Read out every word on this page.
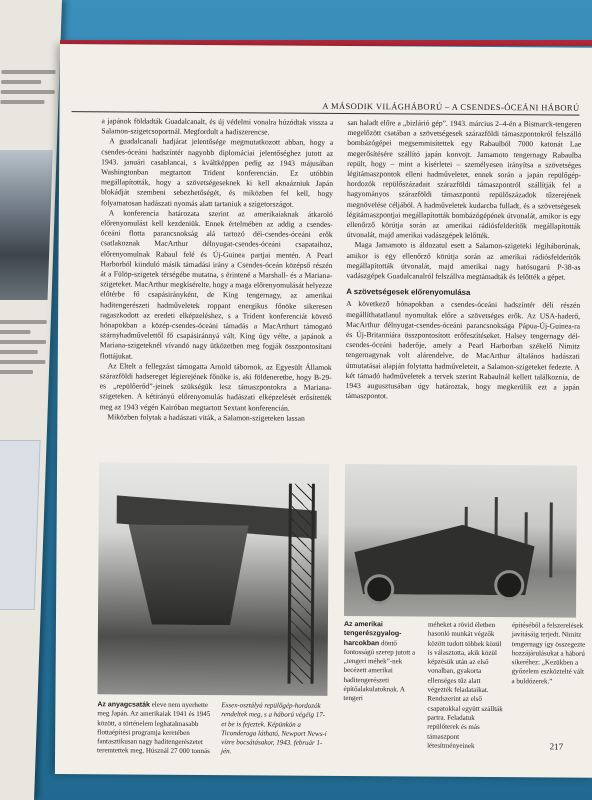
A MÁSODIK VILÁGHÁBORÚ – A CSENDES-ÓCEÁNI HÁBORÚ

a japánok földadták Guadalcanalt, és új védelmi vonalra húzódtak vissza a Salamon-szigetcsoportnál. Megfordult a hadiszerencse.

A guadalcanali hadjárat jelentősége megmutatkozott abban, hogy a csendes-óceáni hadszíntér nagyobb diplomáciai jelentőséghez jutott az 1943. januári casablancai, s kváltképpen pedig az 1943 májusában Washingtonban megtartott Trident konferencián. Ez utóbbin megállapították, hogy a szövetségeseknek ki kell aknaázniuk Japán blokádját szembeni sebezhetőségét, és miközben fel kell, hogy folyamatosan hadászati nyomás alatt tartaniuk a szigetországot.

A konferencia határozata szerint az amerikaiaknak átkaroló előrenyomulást kell kezdeniük. Ennek értelmében az addig a csendes-óceáni flotta parancsnokság alá tartozó déi-csendes-óceáni erők csatlakoznak MacArthur délnyugat-csendes-óceáni csapataihoz, előrenyomulnak Rabaul felé és Új-Guinea partjai mentén. A Pearl Harborból kiinduló másik támadási irány a Csendes-óceán középső részén át a Fülöp-szigetek térségébe mutatna, s érintené a Marshall- és a Mariana-szigeteket. MacArthur megkísérelte, hogy a maga előrenyomulását helyezze előtérbe fő csapásirányként, de King tengernagy, az amerikai haditengerészeti hadműveletek roppant energikus főnöke sikeresen ragaszkodott az eredeti elképzeléshez, s a Trident konferenciát követő hónapokban a közép-csendes-óceáni támadás a MacArthurt támogató szárnyhadművelettől fő csapásiránnyá vált. King úgy vélte, a japánok a Mariana-szigeteknél vívandó nagy ütközetben meg fogják összpontosítani flottájukat.

Az Eltelt a fellegzást támogatta Arnold tábornok, az Egyesült Államok szárazföldi hadsereget légierejének főnöke is, aki földeneretbe, hogy B-29-es „repülőerőd”-jeinek szükségük lesz támaszpontokra a Mariana-szigeteken. A kétirányú előrenyomulás hadászati elképzelését erősítették meg az 1943 végén Kairóban megtartott Sextant konferencián.

Miközben folytak a hadászati viták, a Salamon-szigeteken lassan

san haladt előre a „bizlárió gép”. 1943. március 2–4-én a Bismarck-tengeren megelőzött csatában a szövetségesek szárazföldi támaszpontokról felszálló bombázógépei megsemmisítettek egy Rabaulból 7000 katonát Lae megerősítésére szállító japán konvojt. Jamamoto tengernagy Rabaulba repült, hogy – mint a kísérletei – személyesen irányítsa a szövetséges légitámaszpontok elleni hadműveletet, ennek során a japán repülőgép-hordozók repülőszázadait szárazföldi támaszpontról szállítják fel a hagyományos szárazföldi támaszpontú repülőszázadok tűzerejének megnövelése céljából. A hadműveletek kudarcba fulladt, és a szövetségesek légitámaszpontjai megállapították bombázógépének útvonalát, amikor is egy ellenőrző körútja során az amerikai rádiósfelderítők megállapították útvonalát, majd amerikai vadászgépek lelőtték.

Maga Jamamoto is áldozatul esett a Salamon-szigeteki légiháborúnak, amikor is egy ellenőrző körútja során az amerikai rádiósfelderítők megállapították útvonalát, majd amerikai nagy hatósugarú P-38-as vadászgépek Guadalcanalról felszállva megtámadták és lelőtték a gépet.

A szövetségesek előrenyomulása

A következő hónapokban a csendes-óceáni hadszíntér déli részén megállíthatatlanul nyomultak előre a szövetséges erők. Az USA-haderő, MacArthur délnyugat-csendes-óceáni parancsnoksága Pápua-Új-Guinea-ra és Új-Britanniára összpontosított erőfeszítéseket. Halsey tengernagy dél-csendes-óceáni haderője, amely a Pearl Harborban székelő Nimitz tengernagynak volt alárendelve, de MacArthur általános hadászati útmutatásai alapján folytatta hadműveleteit, a Salamon-szigeteket fedezte. A két támadó hadműveletek a tervek szerint Rabaulnál kellett találkoznia, de 1943 augusztusában úgy határoztak, hogy megkerülik ezt a japán támaszpontot.

Az anyagcsaták eleve nem nyerhette meg Japán. Az amerikaiak 1941 és 1945 között, a történelem leghatalmasabb flottaépítési programja keretében fantasztikusan nagy haditengerészetet teremtettek meg. Húsznál 27 000 tonnás
Essex-osztályú repülőgép-hordozók rendeltek meg, s a háború végéig 17-et be is fejeztek. Képünkön a Ticonderoga látható, Newport News-i vízre bocsátásakor, 1943. február 1-jén.
Az amerikai tengerészgyalog-harcokban döntő fontosságú szerep jutott a „tengeri méhek”-nek becézett amerikai haditengerészeti építőalakulatoknak. A tengeri
méheket a rövid életben hasonló munkát végzők között tudott többek közül is választotta, akik közül képzésük után az első vonalban, gyakorta ellenséges tűz alatt végezték feladataikat. Rendszerint az első csapatokkal együtt szállták partra. Feladatuk repülőterek és más támaszpont létesítményeinek
építéséből a felszerelések javításáig terjedt. Nimitz tengernagy így összegezte hozzájárulásukat a háború sikeréhez: „Kezükben a győzelem eszköztelté vált a buldózerek.”
217
